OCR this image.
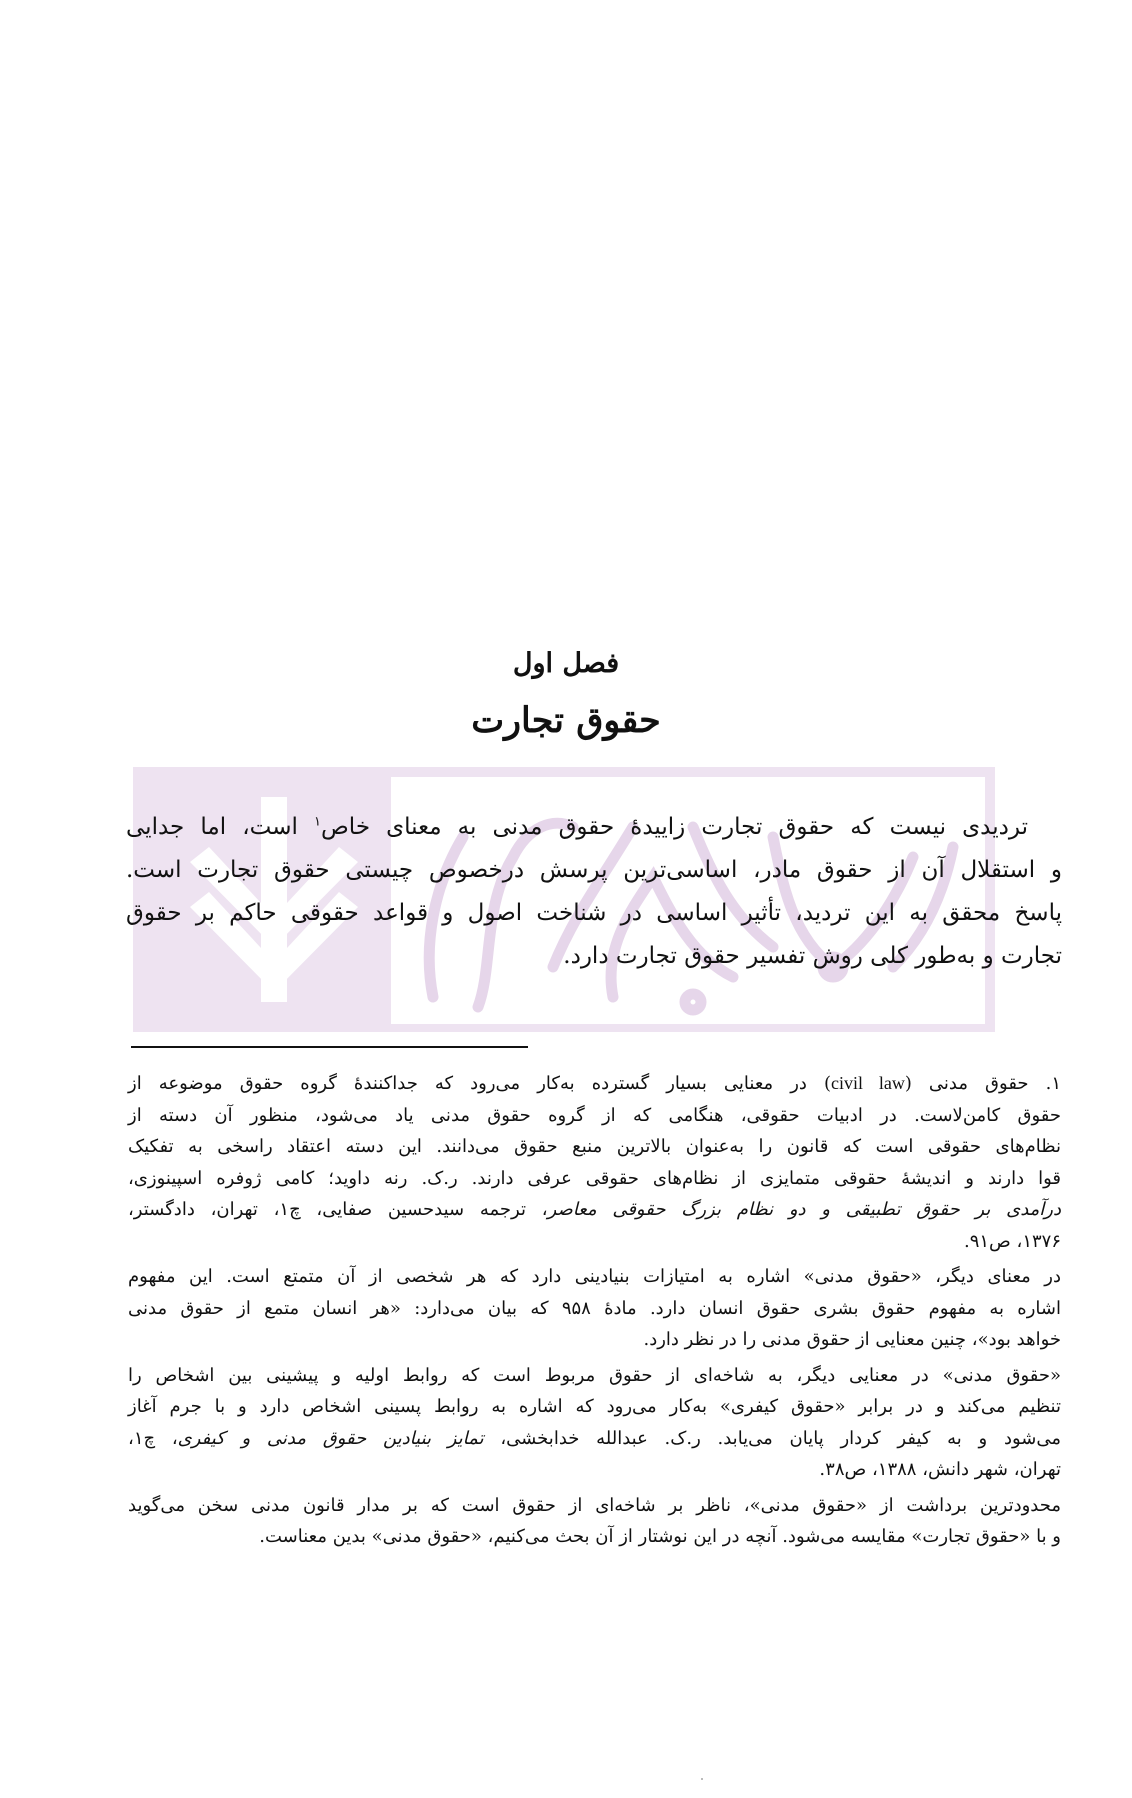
فصل اول
حقوق تجارت
تردیدی نیست که حقوق تجارت زاییدۀ حقوق مدنی به معنای خاص$^۱$ است، اما جدایی
و استقلال آن از حقوق مادر، اساسی‌ترین پرسش درخصوص چیستی حقوق تجارت است.
پاسخ محقق به این تردید، تأثیر اساسی در شناخت اصول و قواعد حقوقی حاکم بر حقوق
تجارت و به‌طور کلی روش تفسیر حقوق تجارت دارد.
۱. حقوق مدنی (civil law) در معنایی بسیار گسترده به‌کار می‌رود که جداکنندۀ گروه حقوق موضوعه از
حقوق کامن‌لاست. در ادبیات حقوقی، هنگامی که از گروه حقوق مدنی یاد می‌شود، منظور آن دسته از
نظام‌های حقوقی است که قانون را به‌عنوان بالاترین منبع حقوق می‌دانند. این دسته اعتقاد راسخی به تفکیک
قوا دارند و اندیشۀ حقوقی متمایزی از نظام‌های حقوقی عرفی دارند. ر.ک. رنه داوید؛ کامی ژوفره اسپینوزی،
درآمدی بر حقوق تطبیقی و دو نظام بزرگ حقوقی معاصر، ترجمه سیدحسین صفایی، چ۱، تهران، دادگستر،
۱۳۷۶، ص۹۱.
در معنای دیگر، «حقوق مدنی» اشاره به امتیازات بنیادینی دارد که هر شخصی از آن متمتع است. این مفهوم
اشاره به مفهوم حقوق بشری حقوق انسان دارد. مادۀ ۹۵۸ که بیان می‌دارد: «هر انسان متمع از حقوق مدنی
خواهد بود»، چنین معنایی از حقوق مدنی را در نظر دارد.
«حقوق مدنی» در معنایی دیگر، به شاخه‌ای از حقوق مربوط است که روابط اولیه و پیشینی بین اشخاص را
تنظیم می‌کند و در برابر «حقوق کیفری» به‌کار می‌رود که اشاره به روابط پسینی اشخاص دارد و با جرم آغاز
می‌شود و به کیفر کردار پایان می‌یابد. ر.ک. عبدالله خدابخشی، تمایز بنیادین حقوق مدنی و کیفری، چ۱،
تهران، شهر دانش، ۱۳۸۸، ص۳۸.
محدودترین برداشت از «حقوق مدنی»، ناظر بر شاخه‌ای از حقوق است که بر مدار قانون مدنی سخن می‌گوید
و با «حقوق تجارت» مقایسه می‌شود. آنچه در این نوشتار از آن بحث می‌کنیم، «حقوق مدنی» بدین معناست.
